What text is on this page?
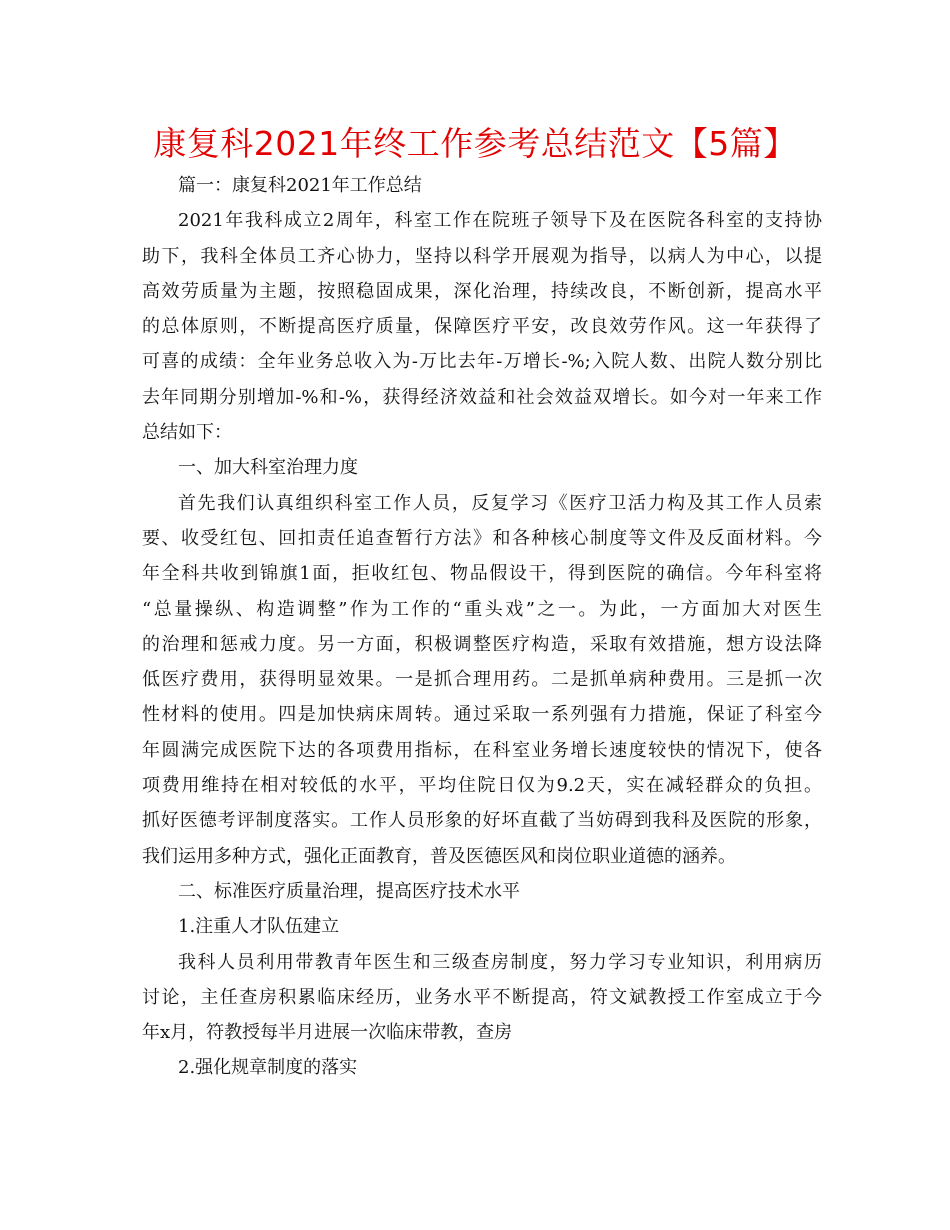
康复科2021年终工作参考总结范文【5篇】
篇一：康复科2021年工作总结
2021年我科成立2周年，科室工作在院班子领导下及在医院各科室的支持协
助下，我科全体员工齐心协力，坚持以科学开展观为指导，以病人为中心，以提
高效劳质量为主题，按照稳固成果，深化治理，持续改良，不断创新，提高水平
的总体原则，不断提高医疗质量，保障医疗平安，改良效劳作风。这一年获得了
可喜的成绩：全年业务总收入为-万比去年-万增长-%;入院人数、出院人数分别比
去年同期分别增加-%和-%，获得经济效益和社会效益双增长。如今对一年来工作
总结如下：
一、加大科室治理力度
首先我们认真组织科室工作人员，反复学习《医疗卫活力构及其工作人员索
要、收受红包、回扣责任追查暂行方法》和各种核心制度等文件及反面材料。今
年全科共收到锦旗1面，拒收红包、物品假设干，得到医院的确信。今年科室将
“总量操纵、构造调整”作为工作的“重头戏”之一。为此，一方面加大对医生
的治理和惩戒力度。另一方面，积极调整医疗构造，采取有效措施，想方设法降
低医疗费用，获得明显效果。一是抓合理用药。二是抓单病种费用。三是抓一次
性材料的使用。四是加快病床周转。通过采取一系列强有力措施，保证了科室今
年圆满完成医院下达的各项费用指标，在科室业务增长速度较快的情况下，使各
项费用维持在相对较低的水平，平均住院日仅为9.2天，实在减轻群众的负担。
抓好医德考评制度落实。工作人员形象的好坏直截了当妨碍到我科及医院的形象，
我们运用多种方式，强化正面教育，普及医德医风和岗位职业道德的涵养。
二、标准医疗质量治理，提高医疗技术水平
1.注重人才队伍建立
我科人员利用带教青年医生和三级查房制度，努力学习专业知识，利用病历
讨论，主任查房积累临床经历，业务水平不断提高，符文斌教授工作室成立于今
年x月，符教授每半月进展一次临床带教，查房
2.强化规章制度的落实
